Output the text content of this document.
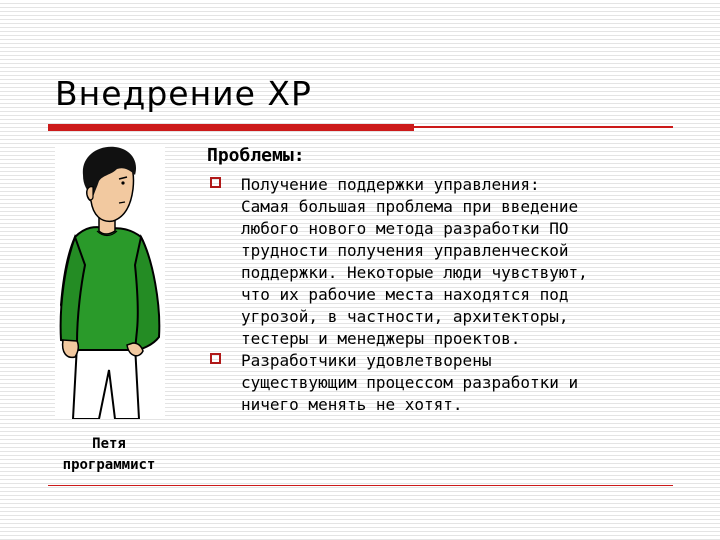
Внедрение XP
Петя
программист
Проблемы:
Получение поддержки управления:
Самая большая проблема при введение
любого нового метода разработки ПО
трудности получения управленческой
поддержки. Некоторые люди чувствуют,
что их рабочие места находятся под
угрозой, в частности, архитекторы,
тестеры и менеджеры проектов.
Разработчики удовлетворены
существующим процессом разработки и
ничего менять не хотят.
